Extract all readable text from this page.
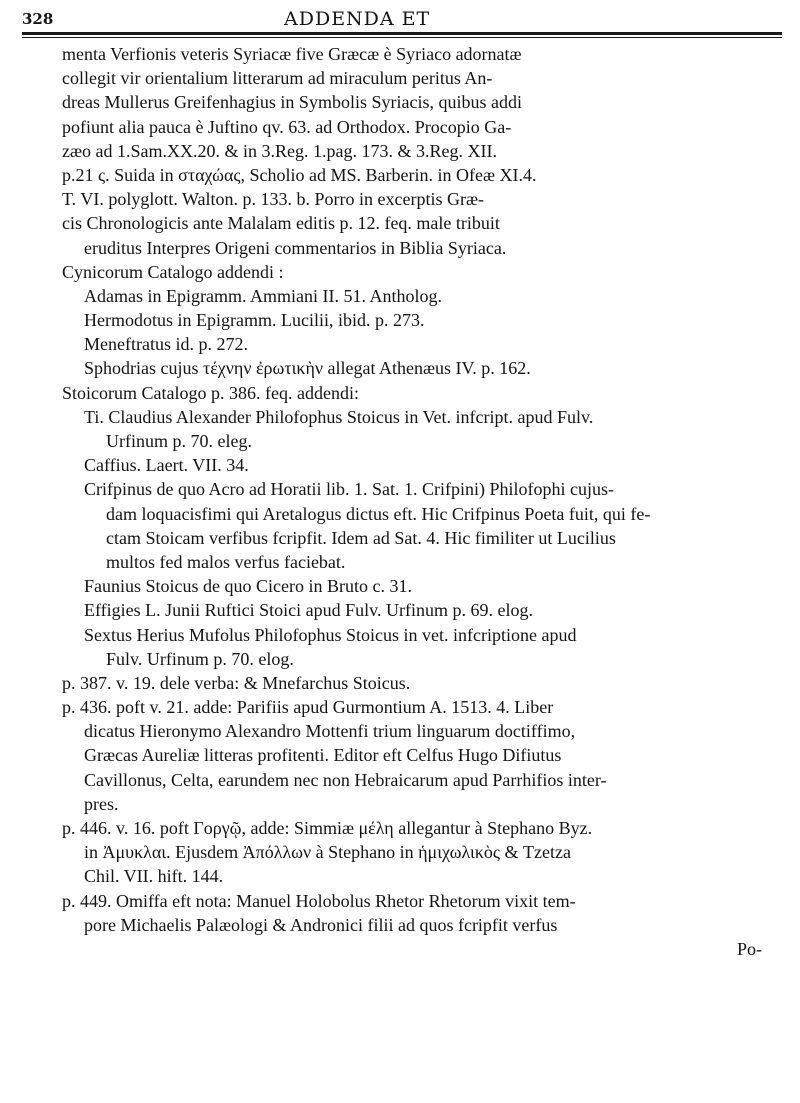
328	ADDENDA ET
menta Verfionis veteris Syriacæ five Græcæ è Syriaco adornatæ
collegit vir orientalium litterarum ad miraculum peritus An-
dreas Mullerus Greifenhagius in Symbolis Syriacis, quibus addi
pofiunt alia pauca è Juftino qv. 63. ad Orthodox. Procopio Ga-
zæo ad 1.Sam.XX.20. & in 3.Reg. 1.pag. 173. & 3.Reg. XII.
p.21 ς. Suida in σταχώας, Scholio ad MS. Barberin. in Ofeæ XI.4.
T. VI. polyglott. Walton. p. 133. b. Porro in excerptis Græ-
cis Chronologicis ante Malalam editis p. 12. feq. male tribuit
eruditus Interpres Origeni commentarios in Biblia Syriaca.
Cynicorum Catalogo addendi :
Adamas in Epigramm. Ammiani II. 51. Antholog.
Hermodotus in Epigramm. Lucilii, ibid. p. 273.
Meneftratus id. p. 272.
Sphodrias cujus τέχνην ἐρωτικὴν allegat Athenæus IV. p. 162.
Stoicorum Catalogo p. 386. feq. addendi:
Ti. Claudius Alexander Philofophus Stoicus in Vet. infcript. apud Fulv.
Urfinum p. 70. eleg.
Caffius. Laert. VII. 34.
Crifpinus de quo Acro ad Horatii lib. 1. Sat. 1. Crifpini) Philofophi cujus-
dam loquacisfimi qui Aretalogus dictus eft. Hic Crifpinus Poeta fuit, qui fe-
ctam Stoicam verfibus fcripfit. Idem ad Sat. 4. Hic fimiliter ut Lucilius
multos fed malos verfus faciebat.
Faunius Stoicus de quo Cicero in Bruto c. 31.
Effigies L. Junii Ruftici Stoici apud Fulv. Urfinum p. 69. elog.
Sextus Herius Mufolus Philofophus Stoicus in vet. infcriptione apud
Fulv. Urfinum p. 70. elog.
p. 387. v. 19. dele verba: & Mnefarchus Stoicus.
p. 436. poft v. 21. adde: Parifiis apud Gurmontium A. 1513. 4. Liber
dicatus Hieronymo Alexandro Mottenfi trium linguarum doctiffimo,
Græcas Aureliæ litteras profitenti. Editor eft Celfus Hugo Difiutus
Cavillonus, Celta, earundem nec non Hebraicarum apud Parrhifios inter-
pres.
p. 446. v. 16. poft Γοργῷ, adde: Simmiæ μέλη allegantur à Stephano Byz.
in Ἀμυκλαι. Ejusdem Ἀπόλλων à Stephano in ἡμιχωλικὸς & Tzetza
Chil. VII. hift. 144.
p. 449. Omiffa eft nota: Manuel Holobolus Rhetor Rhetorum vixit tem-
pore Michaelis Palæologi & Andronici filii ad quos fcripfit verfus
Po-
